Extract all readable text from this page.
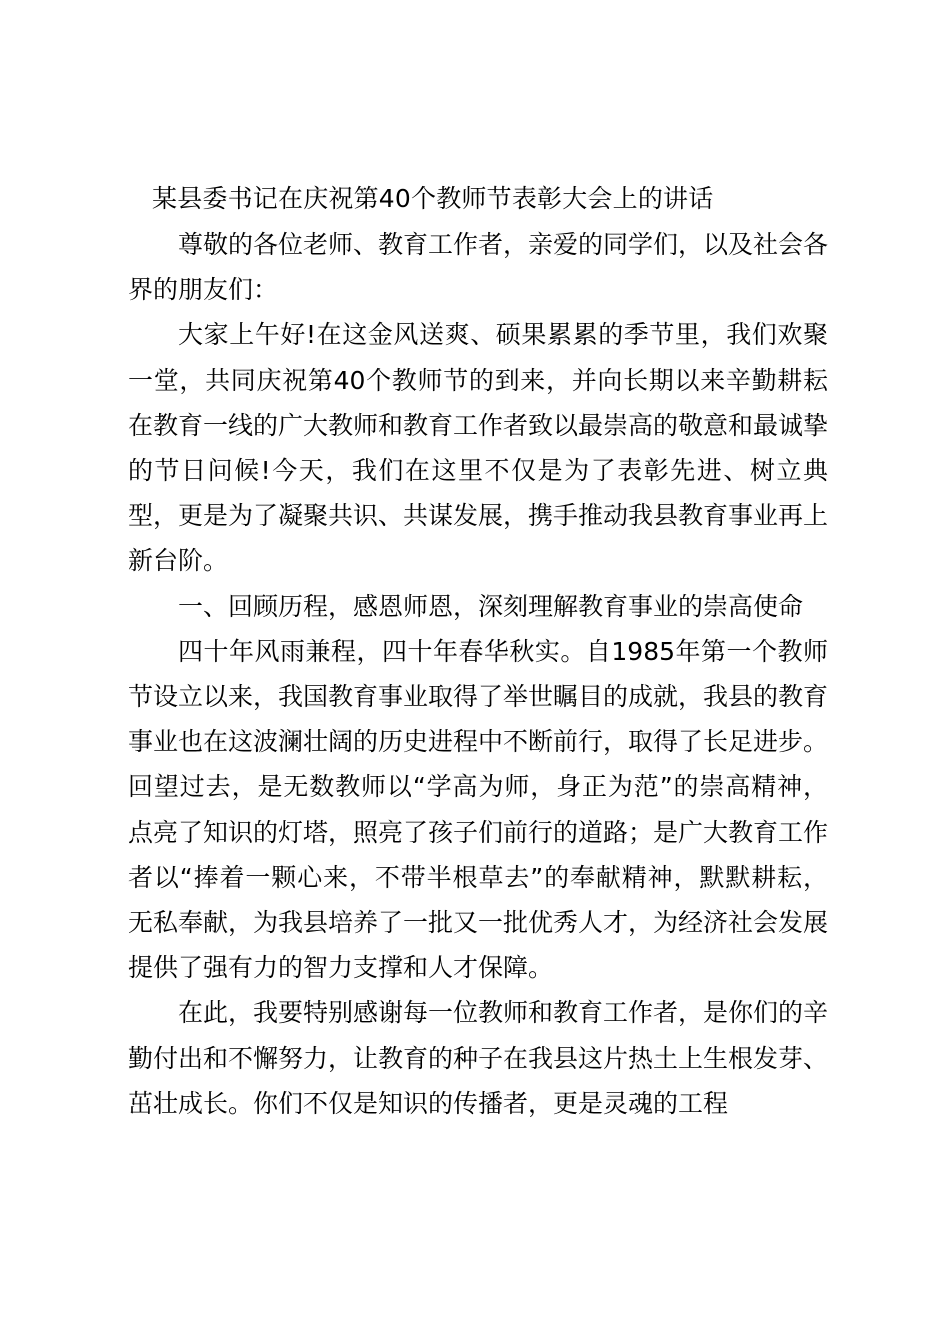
某县委书记在庆祝第40个教师节表彰大会上的讲话

尊敬的各位老师、教育工作者，亲爱的同学们，以及社会各界的朋友们：

大家上午好!在这金风送爽、硕果累累的季节里，我们欢聚一堂，共同庆祝第40个教师节的到来，并向长期以来辛勤耕耘在教育一线的广大教师和教育工作者致以最崇高的敬意和最诚挚的节日问候!今天，我们在这里不仅是为了表彰先进、树立典型，更是为了凝聚共识、共谋发展，携手推动我县教育事业再上新台阶。

一、回顾历程，感恩师恩，深刻理解教育事业的崇高使命

四十年风雨兼程，四十年春华秋实。自1985年第一个教师节设立以来，我国教育事业取得了举世瞩目的成就，我县的教育事业也在这波澜壮阔的历史进程中不断前行，取得了长足进步。回望过去，是无数教师以“学高为师，身正为范”的崇高精神，点亮了知识的灯塔，照亮了孩子们前行的道路；是广大教育工作者以“捧着一颗心来，不带半根草去”的奉献精神，默默耕耘，无私奉献，为我县培养了一批又一批优秀人才，为经济社会发展提供了强有力的智力支撑和人才保障。

在此，我要特别感谢每一位教师和教育工作者，是你们的辛勤付出和不懈努力，让教育的种子在我县这片热土上生根发芽、茁壮成长。你们不仅是知识的传播者，更是灵魂的工程
